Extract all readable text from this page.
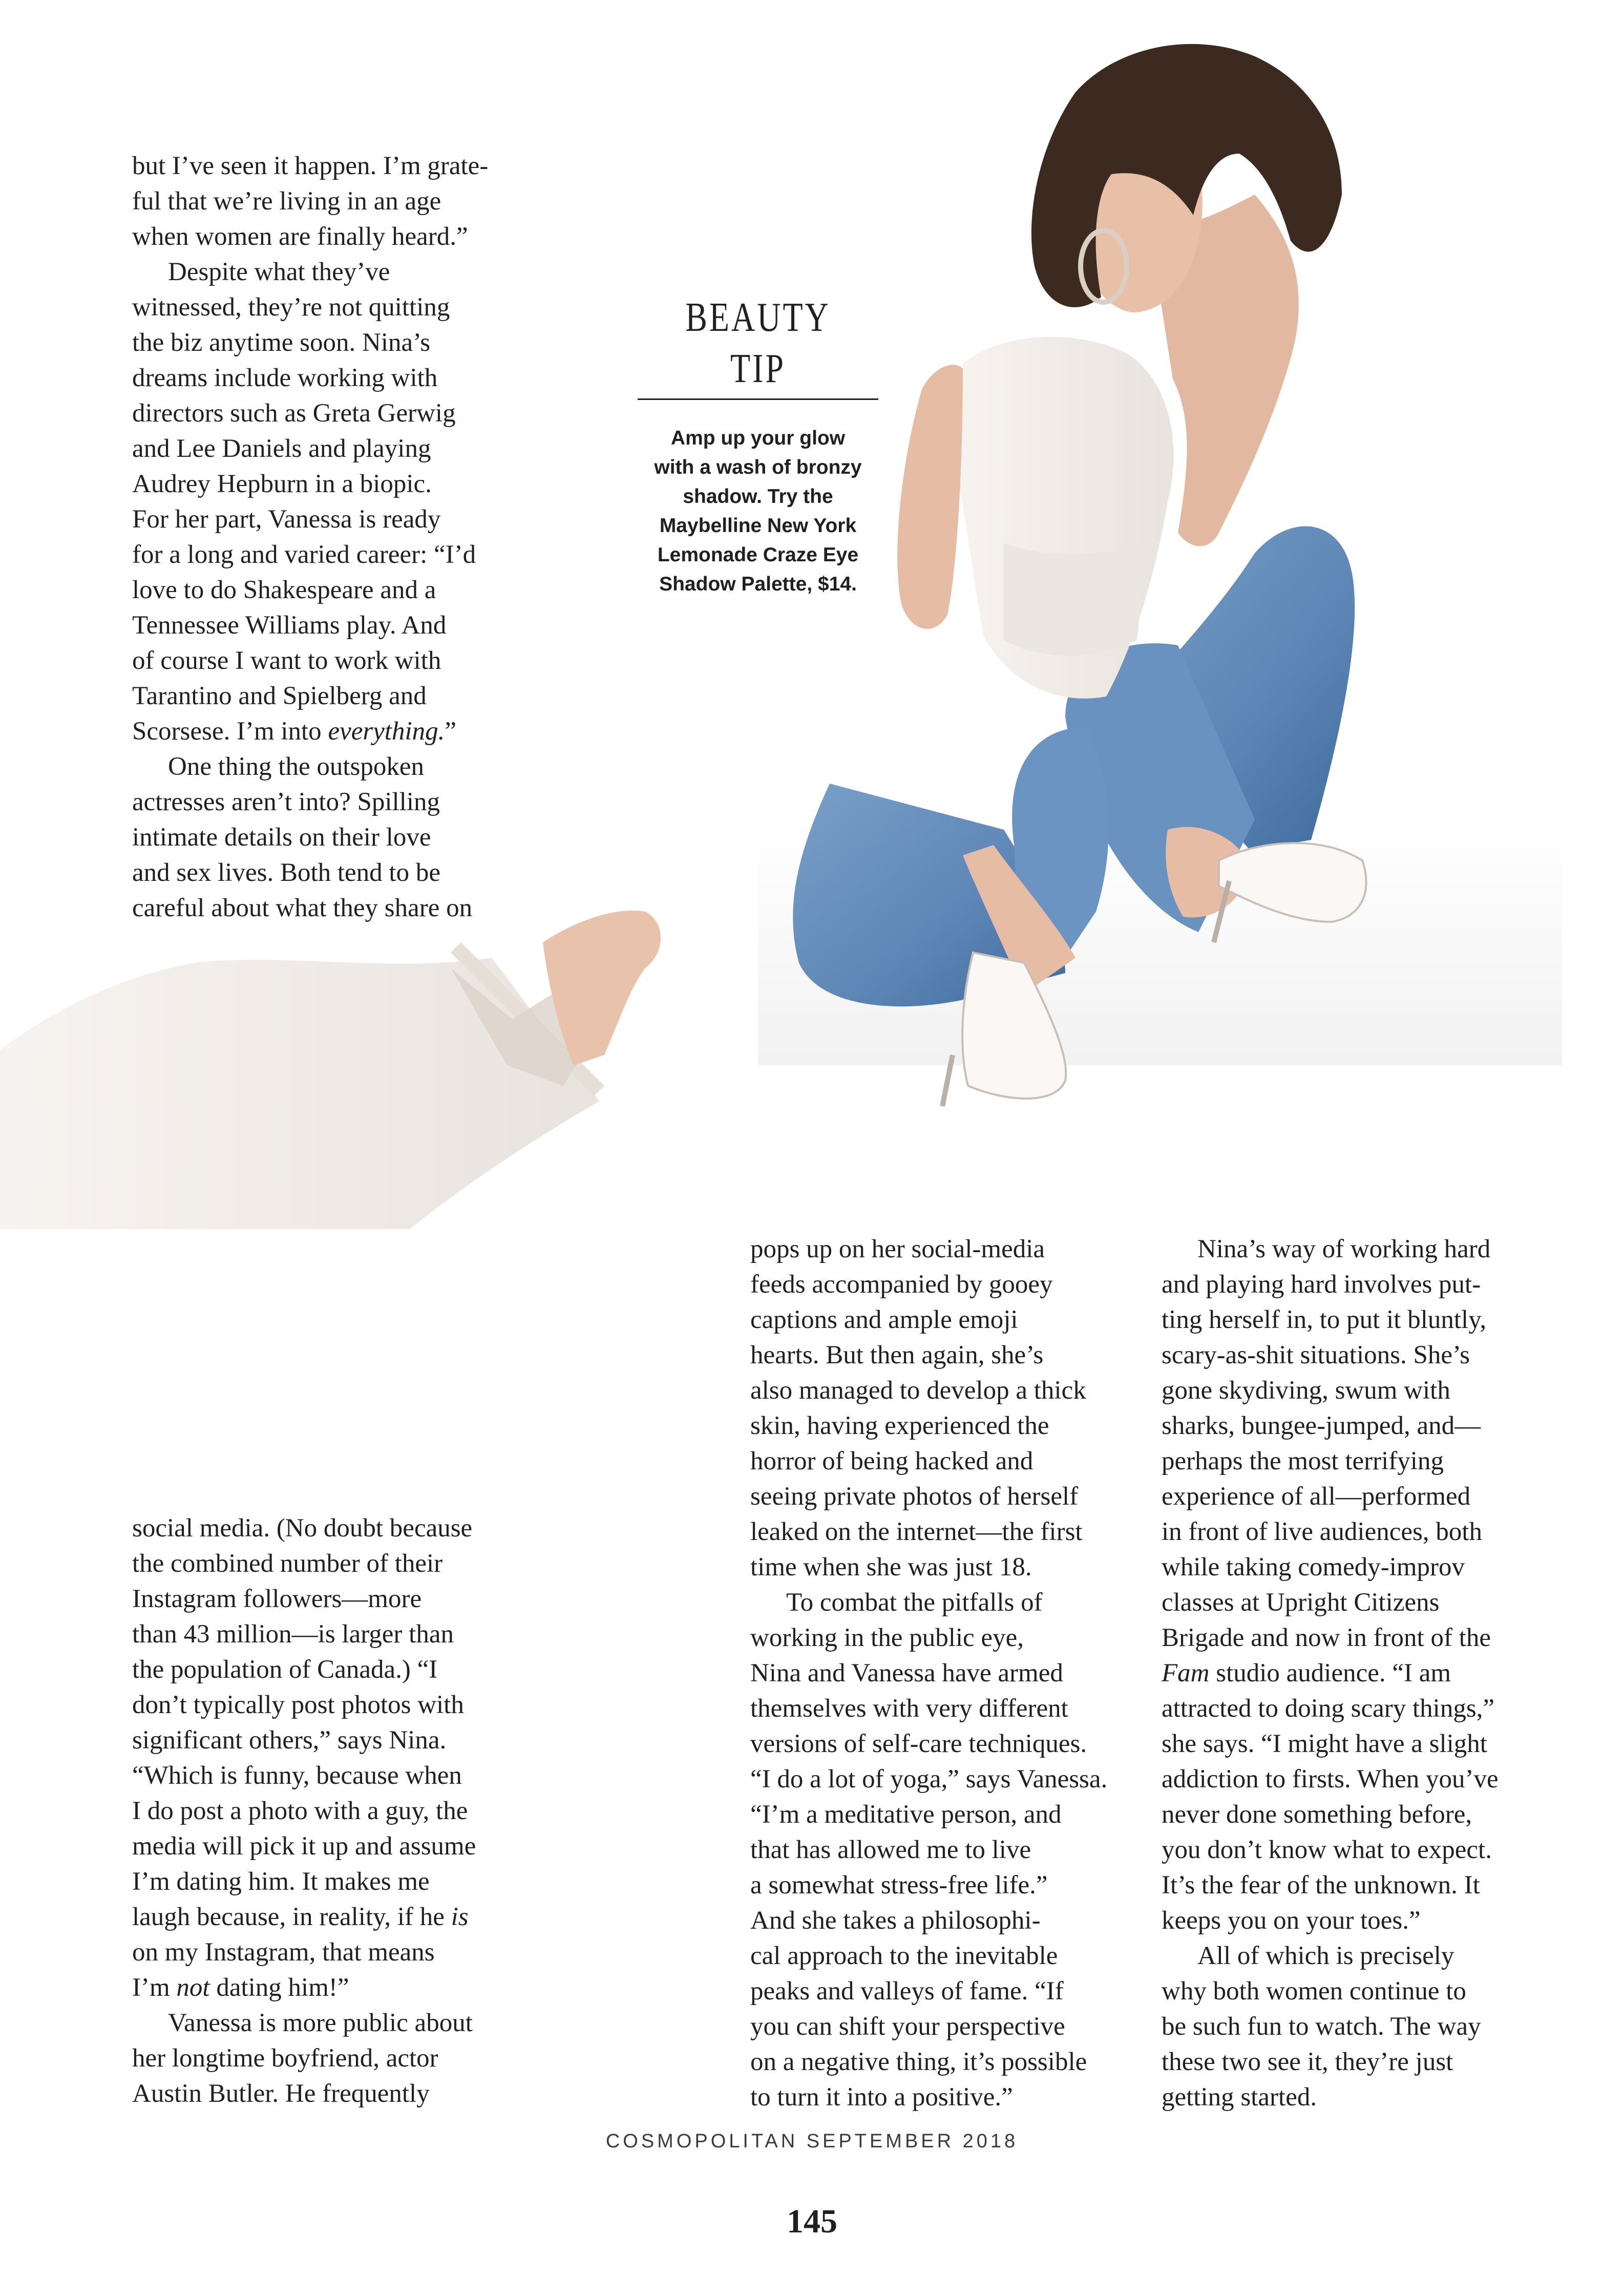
but I’ve seen it happen. I’m grate-
ful that we’re living in an age
when women are finally heard.”

Despite what they’ve
witnessed, they’re not quitting
the biz anytime soon. Nina’s
dreams include working with
directors such as Greta Gerwig
and Lee Daniels and playing
Audrey Hepburn in a biopic.
For her part, Vanessa is ready
for a long and varied career: “I’d
love to do Shakespeare and a
Tennessee Williams play. And
of course I want to work with
Tarantino and Spielberg and
Scorsese. I’m into everything.”

One thing the outspoken
actresses aren’t into? Spilling
intimate details on their love
and sex lives. Both tend to be
careful about what they share on

BEAUTY TIP
Amp up your glow
with a wash of bronzy
shadow. Try the
Maybelline New York
Lemonade Craze Eye
Shadow Palette, $14.

social media. (No doubt because
the combined number of their
Instagram followers—more
than 43 million—is larger than
the population of Canada.) “I
don’t typically post photos with
significant others,” says Nina.
“Which is funny, because when
I do post a photo with a guy, the
media will pick it up and assume
I’m dating him. It makes me
laugh because, in reality, if he is
on my Instagram, that means
I’m not dating him!”

Vanessa is more public about
her longtime boyfriend, actor
Austin Butler. He frequently

pops up on her social-media
feeds accompanied by gooey
captions and ample emoji
hearts. But then again, she’s
also managed to develop a thick
skin, having experienced the
horror of being hacked and
seeing private photos of herself
leaked on the internet—the first
time when she was just 18.

To combat the pitfalls of
working in the public eye,
Nina and Vanessa have armed
themselves with very different
versions of self-care techniques.
“I do a lot of yoga,” says Vanessa.
“I’m a meditative person, and
that has allowed me to live
a somewhat stress-free life.”
And she takes a philosophi-
cal approach to the inevitable
peaks and valleys of fame. “If
you can shift your perspective
on a negative thing, it’s possible
to turn it into a positive.”

Nina’s way of working hard
and playing hard involves put-
ting herself in, to put it bluntly,
scary-as-shit situations. She’s
gone skydiving, swum with
sharks, bungee-jumped, and—
perhaps the most terrifying
experience of all—performed
in front of live audiences, both
while taking comedy-improv
classes at Upright Citizens
Brigade and now in front of the
Fam studio audience. “I am
attracted to doing scary things,”
she says. “I might have a slight
addiction to firsts. When you’ve
never done something before,
you don’t know what to expect.
It’s the fear of the unknown. It
keeps you on your toes.”

All of which is precisely
why both women continue to
be such fun to watch. The way
these two see it, they’re just
getting started.

COSMOPOLITAN SEPTEMBER 2018
145
